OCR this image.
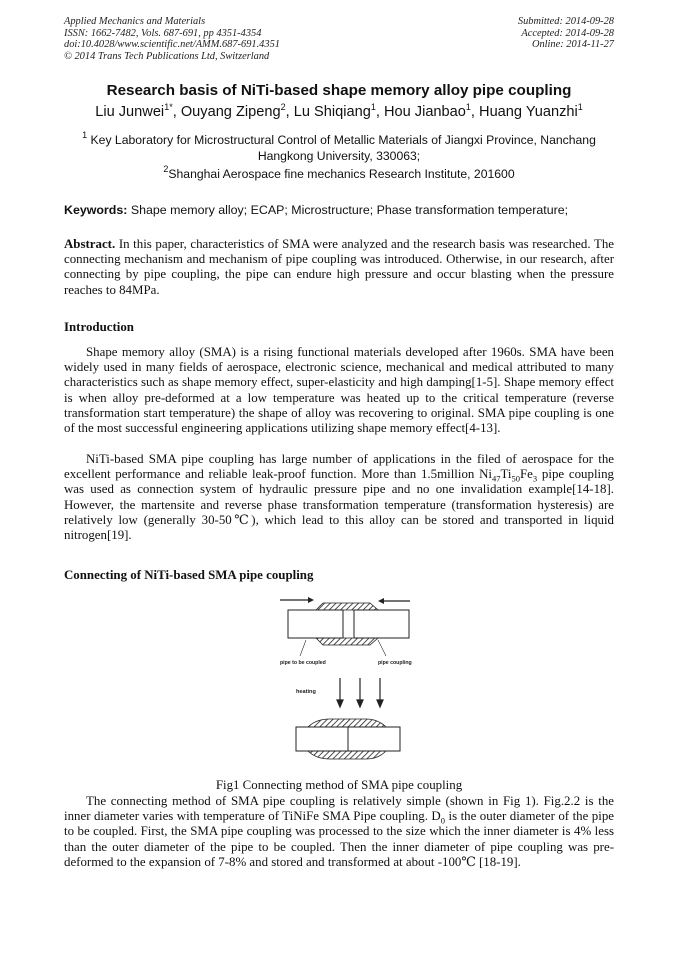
Applied Mechanics and Materials
ISSN: 1662-7482, Vols. 687-691, pp 4351-4354
doi:10.4028/www.scientific.net/AMM.687-691.4351
© 2014 Trans Tech Publications Ltd, Switzerland
Submitted: 2014-09-28
Accepted: 2014-09-28
Online: 2014-11-27
Research basis of NiTi-based shape memory alloy pipe coupling
Liu Junwei$^{1*}$, Ouyang Zipeng$^2$, Lu Shiqiang$^1$, Hou Jianbao$^1$, Huang Yuanzhi$^1$
$^1$ Key Laboratory for Microstructural Control of Metallic Materials of Jiangxi Province, Nanchang Hangkong University, 330063;
$^2$Shanghai Aerospace fine mechanics Research Institute, 201600
Keywords: Shape memory alloy; ECAP; Microstructure; Phase transformation temperature;
Abstract. In this paper, characteristics of SMA were analyzed and the research basis was researched. The connecting mechanism and mechanism of pipe coupling was introduced. Otherwise, in our research, after connecting by pipe coupling, the pipe can endure high pressure and occur blasting when the pressure reaches to 84MPa.
Introduction
Shape memory alloy (SMA) is a rising functional materials developed after 1960s. SMA have been widely used in many fields of aerospace, electronic science, mechanical and medical attributed to many characteristics such as shape memory effect, super-elasticity and high damping[1-5]. Shape memory effect is when alloy pre-deformed at a low temperature was heated up to the critical temperature (reverse transformation start temperature) the shape of alloy was recovering to original. SMA pipe coupling is one of the most successful engineering applications utilizing shape memory effect[4-13].
NiTi-based SMA pipe coupling has large number of applications in the filed of aerospace for the excellent performance and reliable leak-proof function. More than 1.5million $Ni_{47}Ti_{50}Fe_3$ pipe coupling was used as connection system of hydraulic pressure pipe and no one invalidation example[14-18]. However, the martensite and reverse phase transformation temperature (transformation hysteresis) are relatively low (generally 30-50℃), which lead to this alloy can be stored and transported in liquid nitrogen[19].
Connecting of NiTi-based SMA pipe coupling
pipe to be coupled	pipe coupling
heating
Fig1 Connecting method of SMA pipe coupling
The connecting method of SMA pipe coupling is relatively simple (shown in Fig 1). Fig.2.2 is the inner diameter varies with temperature of TiNiFe SMA Pipe coupling. $D_0$ is the outer diameter of the pipe to be coupled. First, the SMA pipe coupling was processed to the size which the inner diameter is 4% less than the outer diameter of the pipe to be coupled. Then the inner diameter of pipe coupling was pre-deformed to the expansion of 7-8% and stored and transformed at about -100℃ [18-19].
